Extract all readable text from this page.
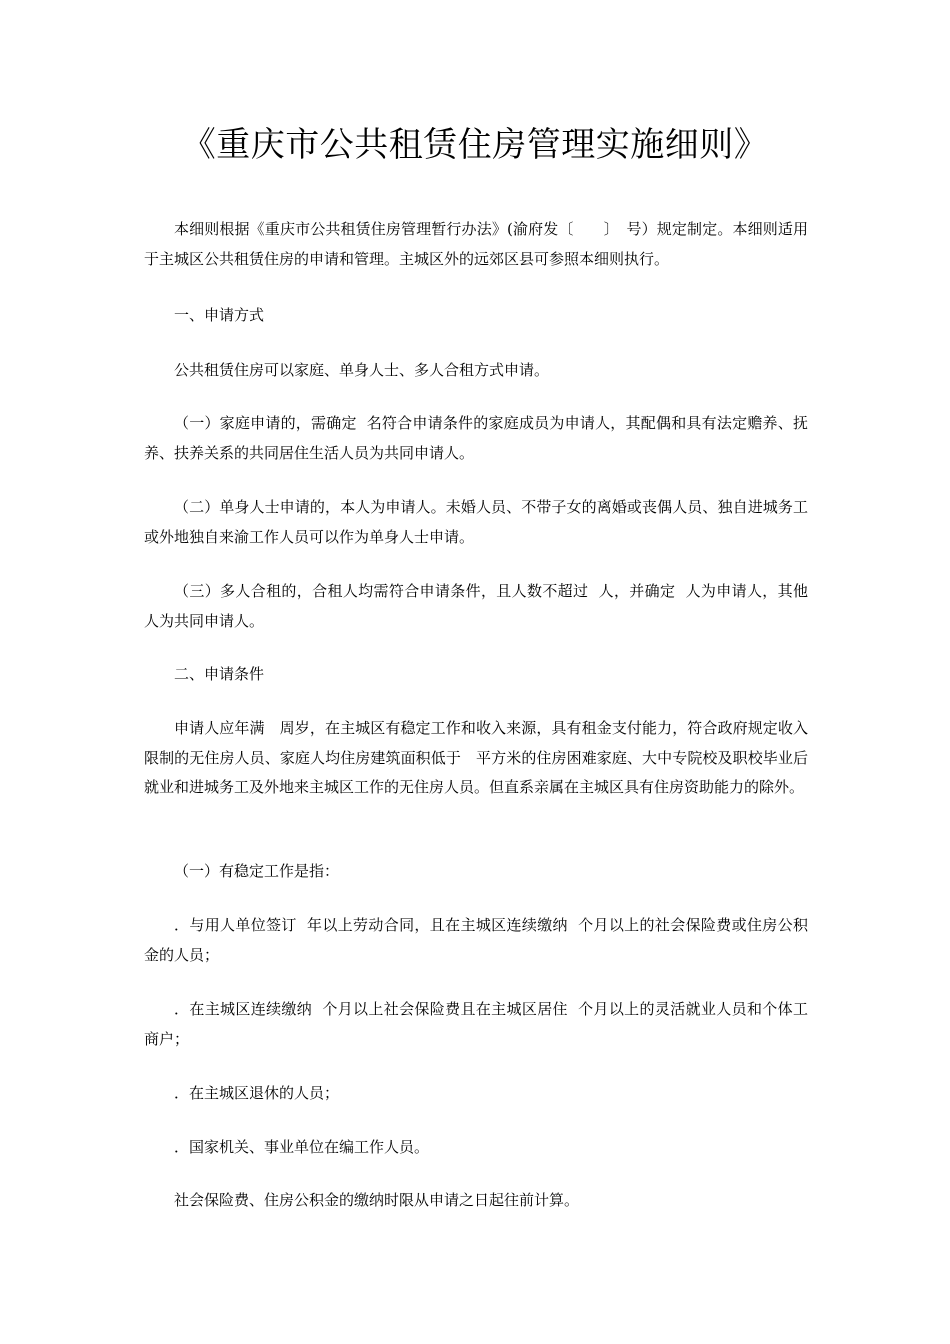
《重庆市公共租赁住房管理实施细则》

本细则根据《重庆市公共租赁住房管理暂行办法》(渝府发〔　　〕　号）规定制定。本细则适用于主城区公共租赁住房的申请和管理。主城区外的远郊区县可参照本细则执行。

一、申请方式

公共租赁住房可以家庭、单身人士、多人合租方式申请。

（一）家庭申请的，需确定  名符合申请条件的家庭成员为申请人，其配偶和具有法定赡养、抚养、扶养关系的共同居住生活人员为共同申请人。

（二）单身人士申请的，本人为申请人。未婚人员、不带子女的离婚或丧偶人员、独自进城务工或外地独自来渝工作人员可以作为单身人士申请。

（三）多人合租的，合租人均需符合申请条件，且人数不超过  人，并确定  人为申请人，其他人为共同申请人。

二、申请条件

申请人应年满　周岁，在主城区有稳定工作和收入来源，具有租金支付能力，符合政府规定收入限制的无住房人员、家庭人均住房建筑面积低于　平方米的住房困难家庭、大中专院校及职校毕业后就业和进城务工及外地来主城区工作的无住房人员。但直系亲属在主城区具有住房资助能力的除外。

（一）有稳定工作是指：

．与用人单位签订  年以上劳动合同，且在主城区连续缴纳  个月以上的社会保险费或住房公积金的人员；

．在主城区连续缴纳  个月以上社会保险费且在主城区居住  个月以上的灵活就业人员和个体工商户；

．在主城区退休的人员；

．国家机关、事业单位在编工作人员。

社会保险费、住房公积金的缴纳时限从申请之日起往前计算。
